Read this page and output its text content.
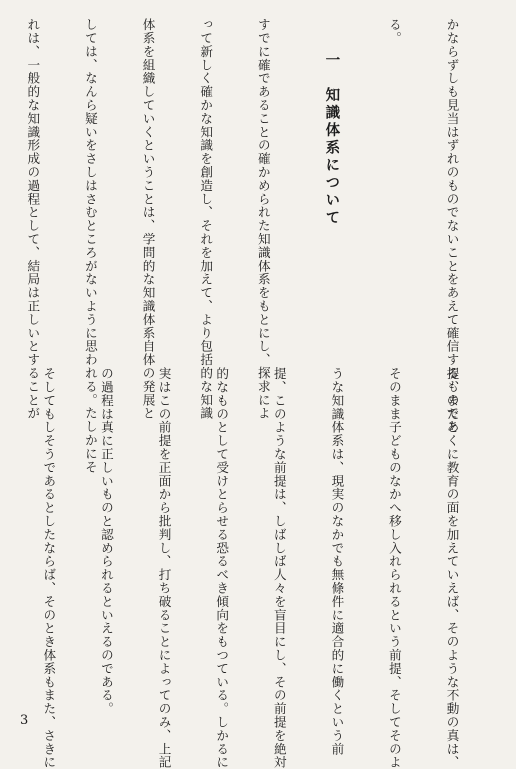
かならずしも見当はずれのものでないことをあえて確信するものであ

る。

一　知識体系について

すでに確であることの確かめられた知識体系をもとにし、探求によ

って新しく確かな知識を創造し、それを加えて、より包括的な知識

体系を組織していくということは、学問的な知識体系自体の発展と

しては、なんら疑いをさしはさむところがないように思われる。たしかにそ

れは、一般的な知識形成の過程として、結局は正しいとすることが

提、またとくに教育の面を加えていえば、そのような不動の真は、

そのまま子どものなかへ移し入れられるという前提、そしてそのよ

うな知識体系は、現実のなかでも無條件に適合的に働くという前

提、このような前提は、しばしば人々を盲目にし、その前提を絶対

的なものとして受けとらせる恐るべき傾向をもつている。しかるに

実はこの前提を正面から批判し、打ち破ることによってのみ、上記

の過程は真に正しいものと認められるといえるのである。

そしてもしそうであるとしたならば、そのとき体系もまた、さきに

3
